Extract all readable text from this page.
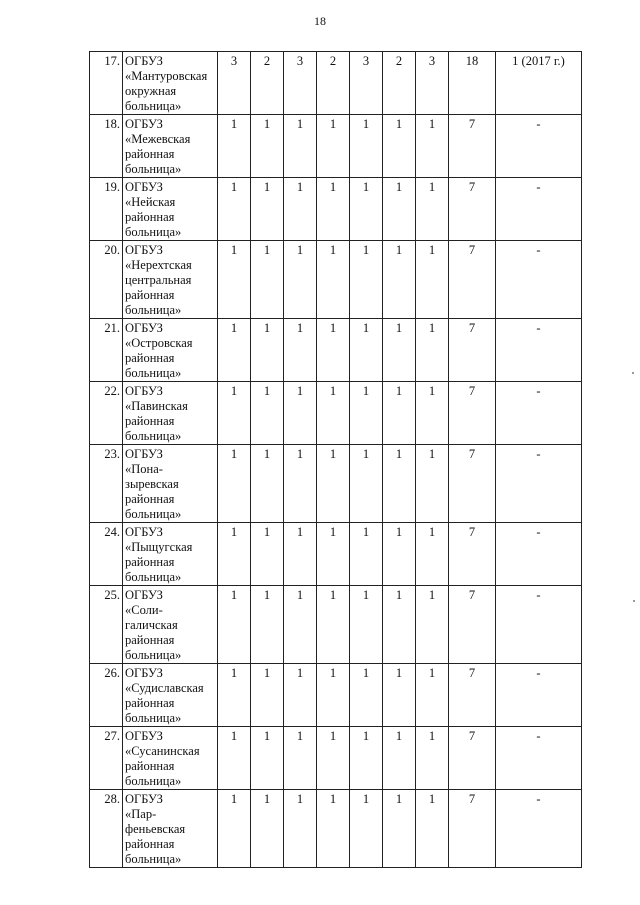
18
17.	ОГБУЗ
«Мантуровская
окружная
больница»	3	2	3	2	3	2	3	18	1 (2017 г.)
18.	ОГБУЗ
«Межевская
районная
больница»	1	1	1	1	1	1	1	7	-
19.	ОГБУЗ
«Нейская
районная
больница»	1	1	1	1	1	1	1	7	-
20.	ОГБУЗ
«Нерехтская
центральная
районная
больница»	1	1	1	1	1	1	1	7	-
21.	ОГБУЗ
«Островская
районная
больница»	1	1	1	1	1	1	1	7	-
22.	ОГБУЗ
«Павинская
районная
больница»	1	1	1	1	1	1	1	7	-
23.	ОГБУЗ
«Пона-
зыревская
районная
больница»	1	1	1	1	1	1	1	7	-
24.	ОГБУЗ
«Пыщугская
районная
больница»	1	1	1	1	1	1	1	7	-
25.	ОГБУЗ
«Соли-
галичская
районная
больница»	1	1	1	1	1	1	1	7	-
26.	ОГБУЗ
«Судиславская
районная
больница»	1	1	1	1	1	1	1	7	-
27.	ОГБУЗ
«Сусанинская
районная
больница»	1	1	1	1	1	1	1	7	-
28.	ОГБУЗ
«Пар-
феньевская
районная
больница»	1	1	1	1	1	1	1	7	-
